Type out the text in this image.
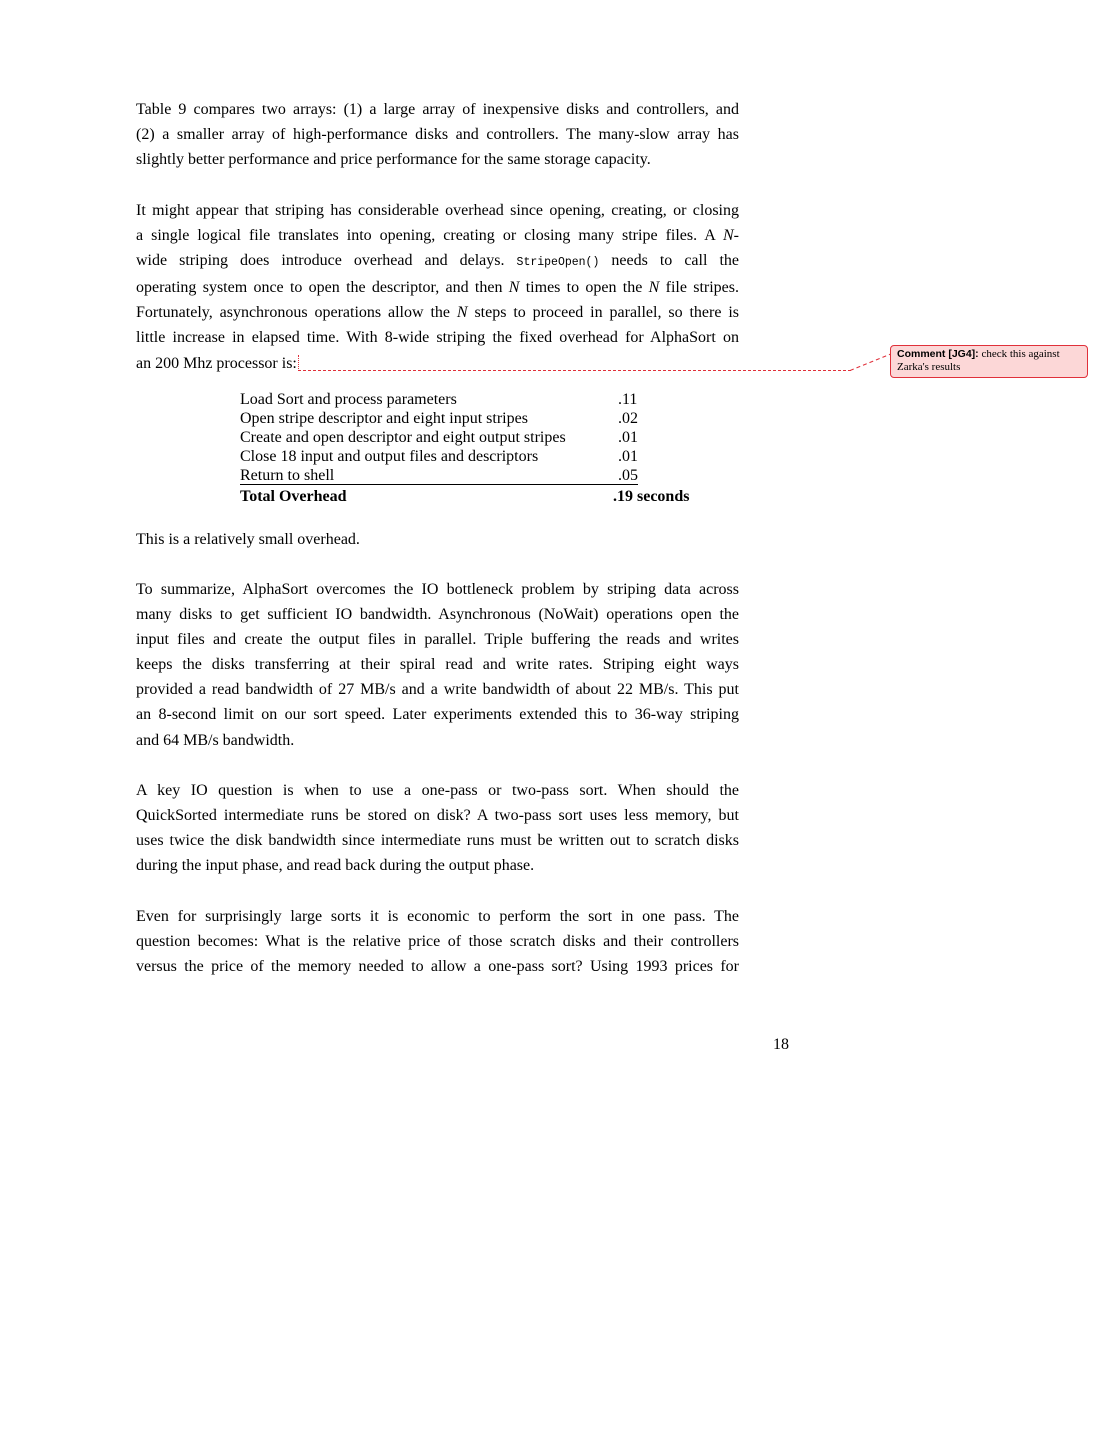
Table 9 compares two arrays: (1) a large array of inexpensive disks and controllers, and
(2) a smaller array of high-performance disks and controllers. The many-slow array has
slightly better performance and price performance for the same storage capacity.
It might appear that striping has considerable overhead since opening, creating, or closing
a single logical file translates into opening, creating or closing many stripe files. A N-
wide striping does introduce overhead and delays. StripeOpen() needs to call the
operating system once to open the descriptor, and then N times to open the N file stripes.
Fortunately, asynchronous operations allow the N steps to proceed in parallel, so there is
little increase in elapsed time. With 8-wide striping the fixed overhead for AlphaSort on
an 200 Mhz processor is:
Comment [JG4]: check this against Zarka's results
Load Sort and process parameters	.11
Open stripe descriptor and eight input stripes	.02
Create and open descriptor and eight output stripes	.01
Close 18 input and output files and descriptors	.01
Return to shell	.05
Total Overhead	.19 seconds
This is a relatively small overhead.
To summarize, AlphaSort overcomes the IO bottleneck problem by striping data across
many disks to get sufficient IO bandwidth. Asynchronous (NoWait) operations open the
input files and create the output files in parallel. Triple buffering the reads and writes
keeps the disks transferring at their spiral read and write rates. Striping eight ways
provided a read bandwidth of 27 MB/s and a write bandwidth of about 22 MB/s. This put
an 8-second limit on our sort speed. Later experiments extended this to 36-way striping
and 64 MB/s bandwidth.
A key IO question is when to use a one-pass or two-pass sort. When should the
QuickSorted intermediate runs be stored on disk? A two-pass sort uses less memory, but
uses twice the disk bandwidth since intermediate runs must be written out to scratch disks
during the input phase, and read back during the output phase.
Even for surprisingly large sorts it is economic to perform the sort in one pass. The
question becomes: What is the relative price of those scratch disks and their controllers
versus the price of the memory needed to allow a one-pass sort? Using 1993 prices for
18
